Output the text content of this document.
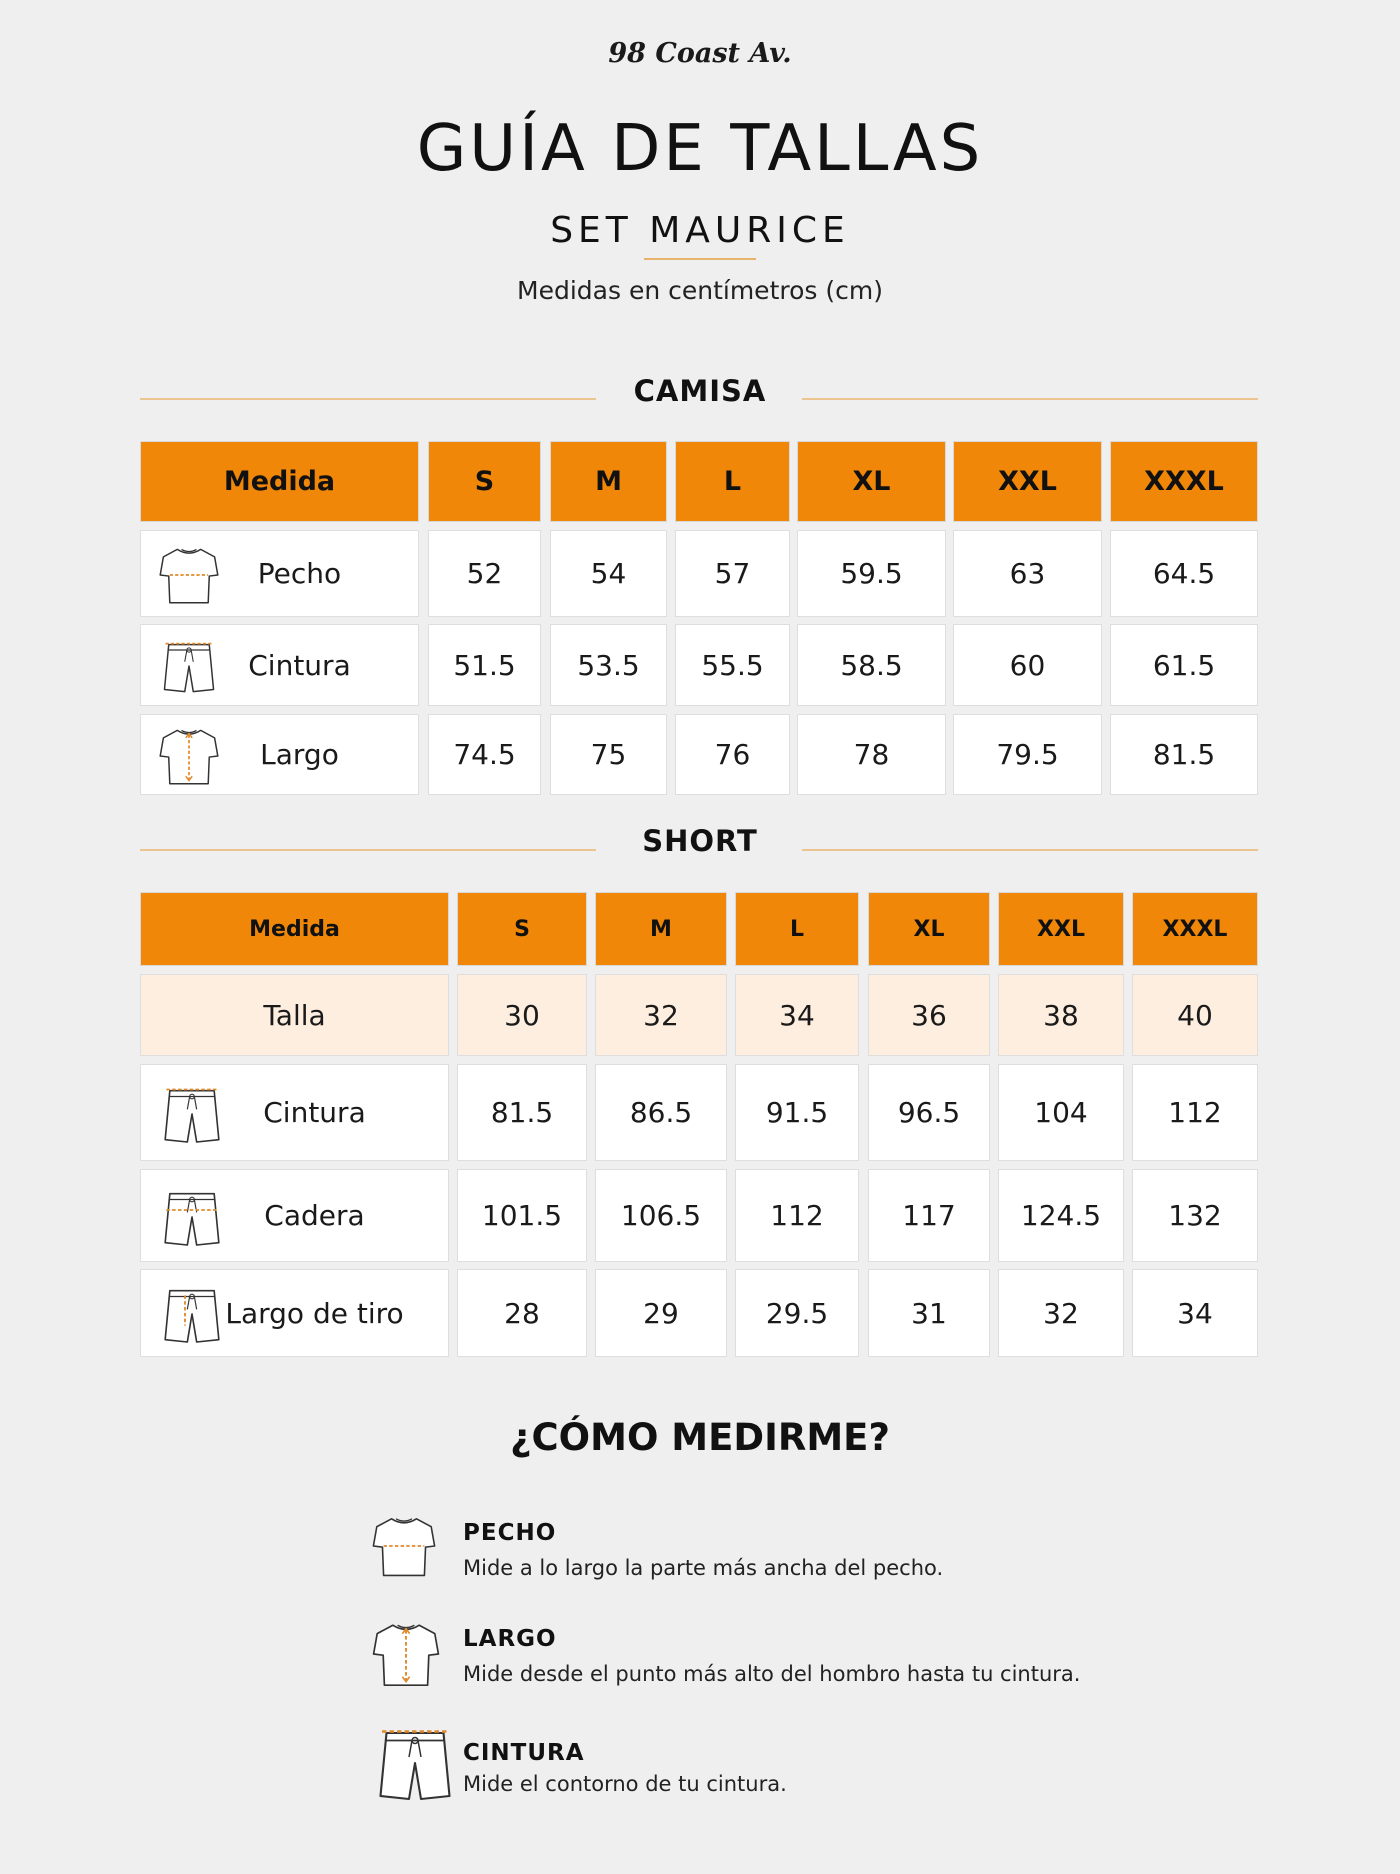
98 Coast Av.
GUÍA DE TALLAS
SET MAURICE
Medidas en centímetros (cm)
CAMISA
Medida	S	M	L	XL	XXL	XXXL
Pecho	52	54	57	59.5	63	64.5
Cintura	51.5	53.5	55.5	58.5	60	61.5
Largo	74.5	75	76	78	79.5	81.5
SHORT
Medida	S	M	L	XL	XXL	XXXL
Talla	30	32	34	36	38	40
Cintura	81.5	86.5	91.5	96.5	104	112
Cadera	101.5	106.5	112	117	124.5	132
Largo de tiro	28	29	29.5	31	32	34
¿CÓMO MEDIRME?
PECHO
Mide a lo largo la parte más ancha del pecho.
LARGO
Mide desde el punto más alto del hombro hasta tu cintura.
CINTURA
Mide el contorno de tu cintura.
